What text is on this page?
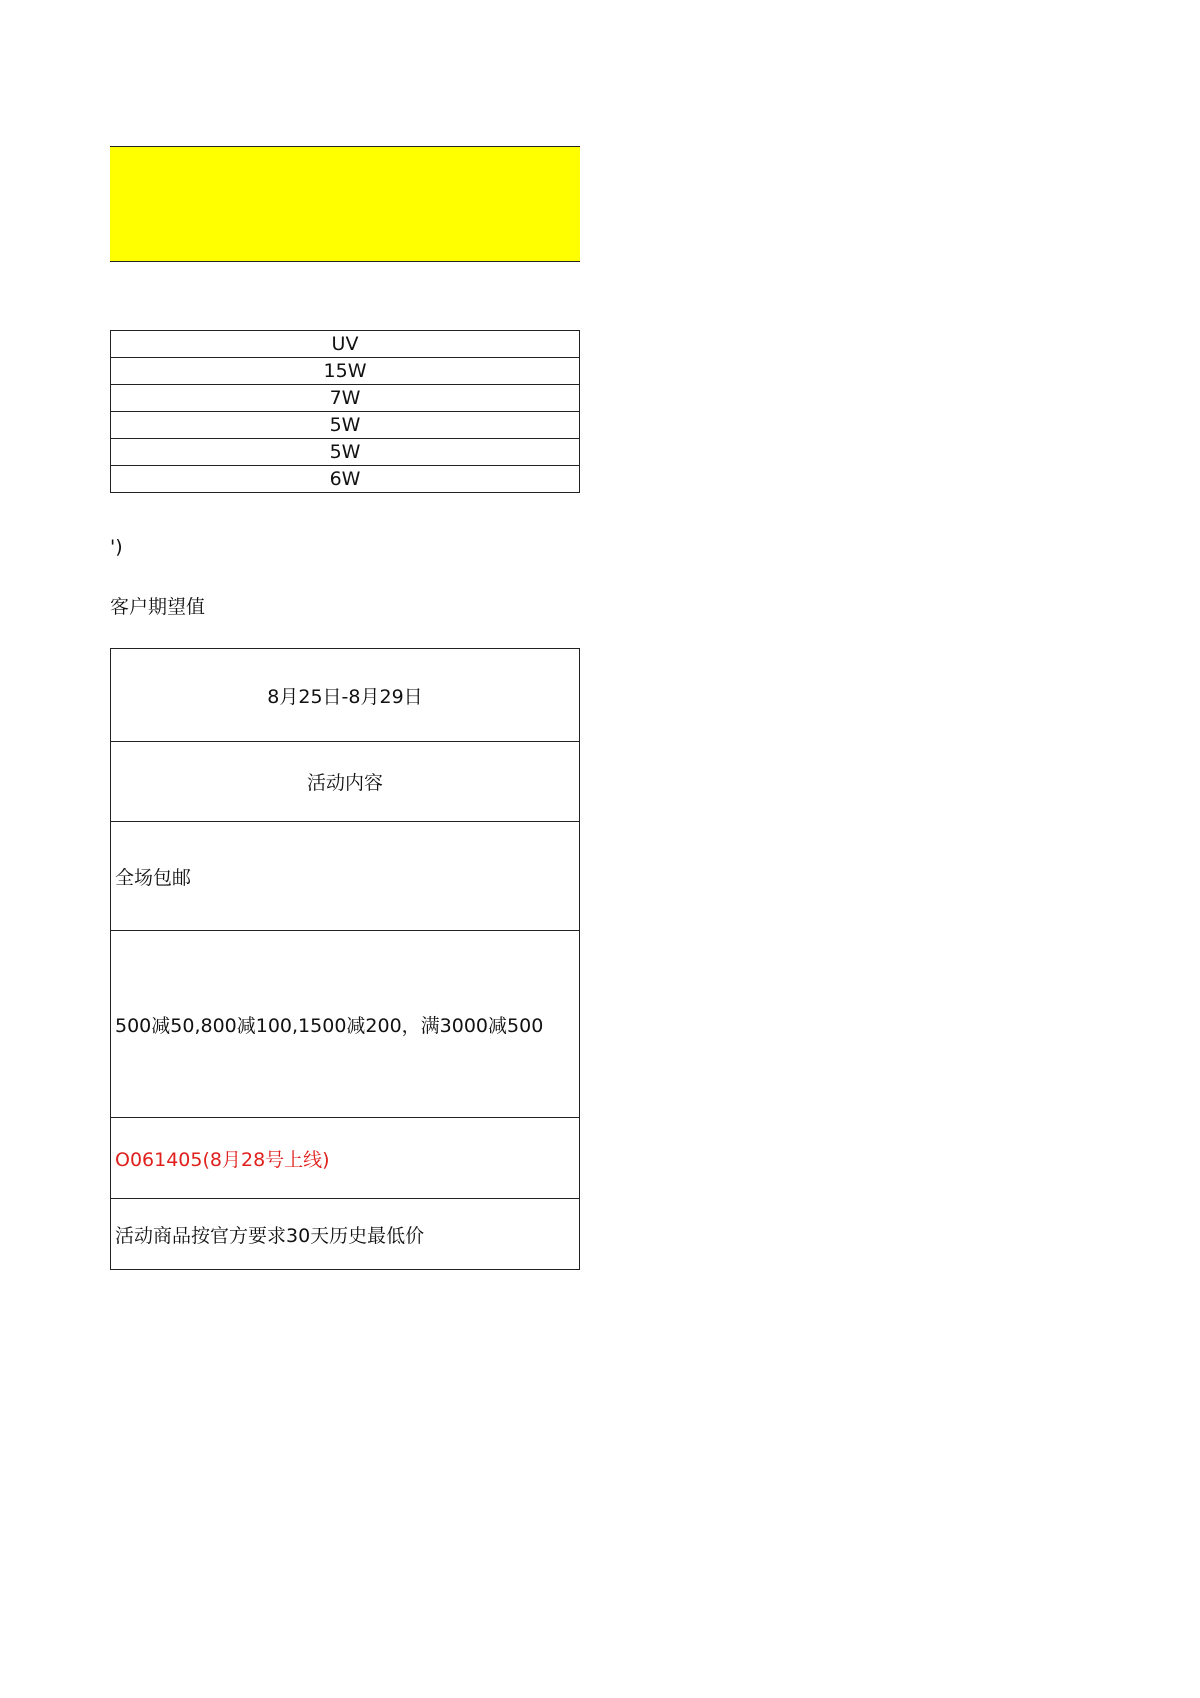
UV
15W
7W
5W
5W
6W
')
客户期望值
8月25日-8月29日
活动内容
全场包邮
500减50,800减100,1500减200，满3000减500
O061405(8月28号上线)
活动商品按官方要求30天历史最低价
